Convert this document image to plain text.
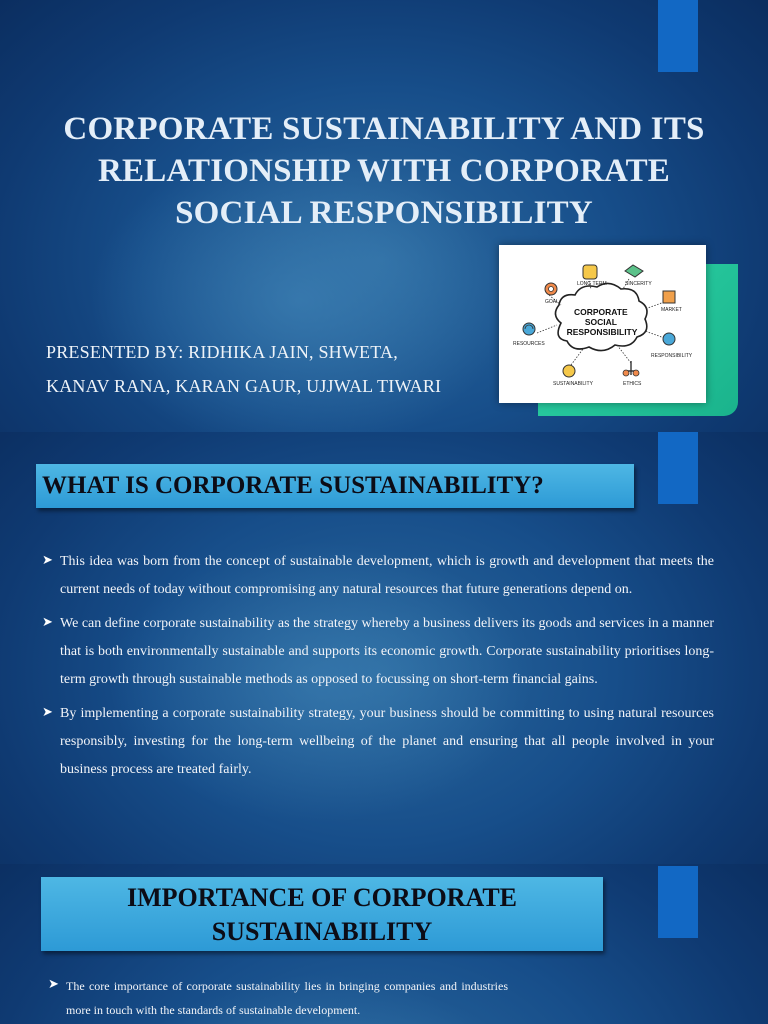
CORPORATE SUSTAINABILITY AND ITS RELATIONSHIP WITH CORPORATE SOCIAL RESPONSIBILITY
PRESENTED BY: RIDHIKA JAIN, SHWETA,
KANAV RANA, KARAN GAUR, UJJWAL TIWARI
CORPORATE SOCIAL RESPONSIBILITY
GOAL
LONG TERM	SINCERITY
MARKET
RESPONSIBILITY
ETHICS
SUSTAINABILITY
RESOURCES
WHAT IS CORPORATE SUSTAINABILITY?
➤ This idea was born from the concept of sustainable development, which is growth and development that meets the current needs of today without compromising any natural resources that future generations depend on.
➤ We can define corporate sustainability as the strategy whereby a business delivers its goods and services in a manner that is both environmentally sustainable and supports its economic growth. Corporate sustainability prioritises long-term growth through sustainable methods as opposed to focussing on short-term financial gains.
➤ By implementing a corporate sustainability strategy, your business should be committing to using natural resources responsibly, investing for the long-term wellbeing of the planet and ensuring that all people involved in your business process are treated fairly.
IMPORTANCE OF CORPORATE SUSTAINABILITY
➤ The core importance of corporate sustainability lies in bringing companies and industries more in touch with the standards of sustainable development.
